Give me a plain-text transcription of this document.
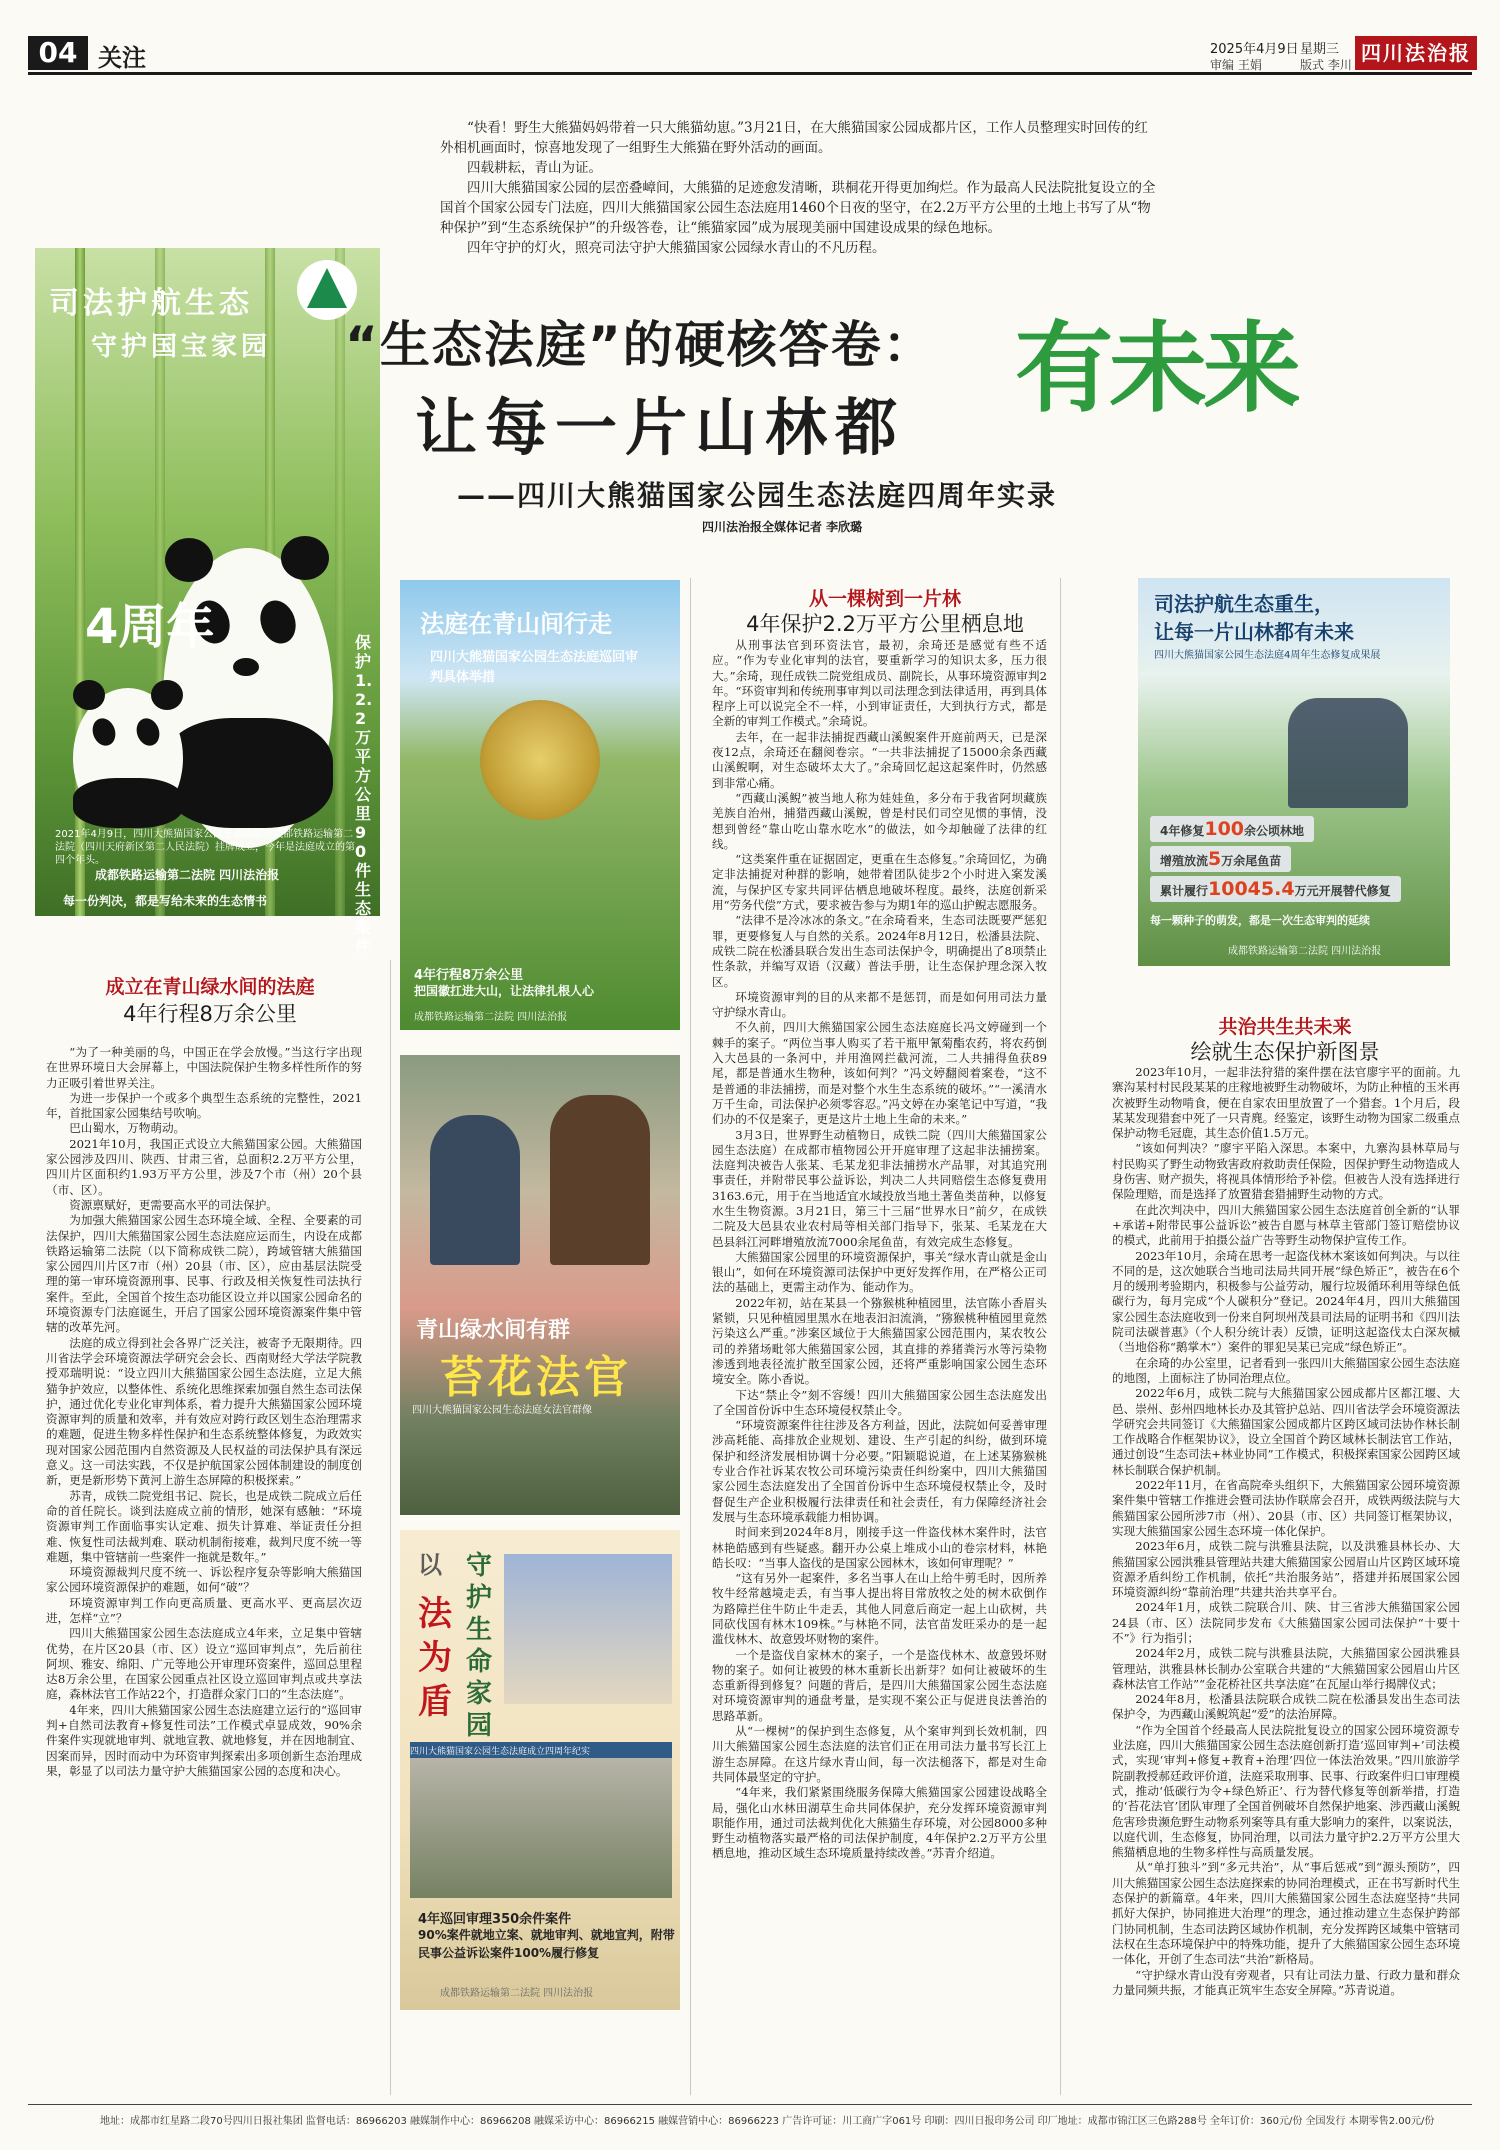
04 关注	2025年4月9日 星期三
审编 王娟	版式 李川 四川法治报

“快看！野生大熊猫妈妈带着一只大熊猫幼崽。”3月21日，在大熊猫国家公园成都片区，工作人员整理实时回传的红外相机画面时，惊喜地发现了一组野生大熊猫在野外活动的画面。

四载耕耘，青山为证。

四川大熊猫国家公园的层峦叠嶂间，大熊猫的足迹愈发清晰，珙桐花开得更加绚烂。作为最高人民法院批复设立的全国首个国家公园专门法庭，四川大熊猫国家公园生态法庭用1460个日夜的坚守，在2.2万平方公里的土地上书写了从“物种保护”到“生态系统保护”的升级答卷，让“熊猫家园”成为展现美丽中国建设成果的绿色地标。

四年守护的灯火，照亮司法守护大熊猫国家公园绿水青山的不凡历程。

司法护航生态
守护国宝家园
4周年	保护1.2.2万平方公里 90件生态案件
2021年4月9日，四川大熊猫国家公园生态法庭在成都铁路运输第二法院（四川天府新区第二人民法院）挂牌成立，今年是法庭成立的第四个年头。
成都铁路运输第二法院 四川法治报
每一份判决，都是写给未来的生态情书
“生态法庭”的硬核答卷：
让每一片山林都
有未来
——四川大熊猫国家公园生态法庭四周年实录
四川法治报全媒体记者 李欣璐
成立在青山绿水间的法庭
4年行程8万余公里

“为了一种美丽的鸟，中国正在学会放慢。”当这行字出现在世界环境日大会屏幕上，中国法院保护生物多样性所作的努力正吸引着世界关注。

为进一步保护一个或多个典型生态系统的完整性，2021年，首批国家公园集结号吹响。

巴山蜀水，万物萌动。

2021年10月，我国正式设立大熊猫国家公园。大熊猫国家公园涉及四川、陕西、甘肃三省，总面积2.2万平方公里，四川片区面积约1.93万平方公里，涉及7个市（州）20个县（市、区）。

资源禀赋好，更需要高水平的司法保护。

为加强大熊猫国家公园生态环境全域、全程、全要素的司法保护，四川大熊猫国家公园生态法庭应运而生，内设在成都铁路运输第二法院（以下简称成铁二院），跨域管辖大熊猫国家公园四川片区7市（州）20县（市、区），应由基层法院受理的第一审环境资源刑事、民事、行政及相关恢复性司法执行案件。至此，全国首个按生态功能区设立并以国家公园命名的环境资源专门法庭诞生，开启了国家公园环境资源案件集中管辖的改革先河。

法庭的成立得到社会各界广泛关注，被寄予无限期待。四川省法学会环境资源法学研究会会长、西南财经大学法学院教授邓瑞明说：“设立四川大熊猫国家公园生态法庭，立足大熊猫争护效应，以整体性、系统化思维探索加强自然生态司法保护，通过优化专业化审判体系，着力提升大熊猫国家公园环境资源审判的质量和效率，并有效应对跨行政区划生态治理需求的难题，促进生物多样性保护和生态系统整体修复，为政效实现对国家公园范围内自然资源及人民权益的司法保护具有深远意义。这一司法实践，不仅是护航国家公园体制建设的制度创新，更是新形势下黄河上游生态屏障的积极探索。”

苏青，成铁二院党组书记、院长，也是成铁二院成立后任命的首任院长。谈到法庭成立前的情形，她深有感触：“环境资源审判工作面临事实认定难、损失计算难、举证责任分担难、恢复性司法裁判难、联动机制衔接难，裁判尺度不统一等难题，集中管辖前一些案件一拖就是数年。”

环境资源裁判尺度不统一、诉讼程序复杂等影响大熊猫国家公园环境资源保护的难题，如何“破”？

环境资源审判工作向更高质量、更高水平、更高层次迈进，怎样“立”？

四川大熊猫国家公园生态法庭成立4年来，立足集中管辖优势，在片区20县（市、区）设立“巡回审判点”，先后前往阿坝、雅安、绵阳、广元等地公开审理环资案件，巡回总里程达8万余公里，在国家公园重点社区设立巡回审判点或共享法庭，森林法官工作站22个，打造群众家门口的“生态法庭”。

4年来，四川大熊猫国家公园生态法庭建立运行的“巡回审判+自然司法教育+修复性司法”工作模式卓显成效，90%余件案件实现就地审判、就地宣教、就地修复，并在因地制宜、因案而异，因时而动中为环资审判探索出多项创新生态治理成果，彰显了以司法力量守护大熊猫国家公园的态度和决心。

法庭在青山间行走
四川大熊猫国家公园生态法庭巡回审判具体举措
4年行程8万余公里
把国徽扛进大山，让法律扎根人心
成都铁路运输第二法院 四川法治报
青山绿水间有群
苔花法官
四川大熊猫国家公园生态法庭女法官群像
以
法为盾
守护生命家园
四川大熊猫国家公园生态法庭成立四周年纪实
4年巡回审理350余件案件
90%案件就地立案、就地审判、就地宣判，附带
民事公益诉讼案件100%履行修复
成都铁路运输第二法院 四川法治报
从一棵树到一片林
4年保护2.2万平方公里栖息地

从刑事法官到环资法官，最初，余琦还是感觉有些不适应。“作为专业化审判的法官，要重新学习的知识太多，压力很大。”余琦，现任成铁二院党组成员、副院长，从事环境资源审判2年。“环资审判和传统刑事审判以司法理念到法律适用，再到具体程序上可以说完全不一样，小到审证责任，大到执行方式，都是全新的审判工作模式。”余琦说。

去年，在一起非法捕捉西藏山溪鲵案件开庭前两天，已是深夜12点，余琦还在翻阅卷宗。“一共非法捕捉了15000余条西藏山溪鲵啊，对生态破坏太大了。”余琦回忆起这起案件时，仍然感到非常心痛。

“西藏山溪鲵”被当地人称为娃娃鱼，多分布于我省阿坝藏族羌族自治州，捕猎西藏山溪鲵，曾是村民们司空见惯的事情，没想到曾经“靠山吃山靠水吃水”的做法，如今却触碰了法律的红线。

“这类案件重在证据固定，更重在生态修复。”余琦回忆，为确定非法捕捉对种群的影响，她带着团队徒步2个小时进入案发溪流，与保护区专家共同评估栖息地破坏程度。最终，法庭创新采用“劳务代偿”方式，要求被告参与为期1年的巡山护鲵志愿服务。

“法律不是冷冰冰的条文。”在余琦看来，生态司法既要严惩犯罪，更要修复人与自然的关系。2024年8月12日，松潘县法院、成铁二院在松潘县联合发出生态司法保护令，明确提出了8项禁止性条款，并编写双语（汉藏）普法手册，让生态保护理念深入牧区。

环境资源审判的目的从来都不是惩罚，而是如何用司法力量守护绿水青山。

不久前，四川大熊猫国家公园生态法庭庭长冯文婷碰到一个棘手的案子。“两位当事人购买了若干瓶甲氰菊酯农药，将农药倒入大邑县的一条河中，并用渔网拦截河流，二人共捕得鱼获89尾，都是普通水生物种，该如何判？”冯文婷翻阅着案卷，“这不是普通的非法捕捞，而是对整个水生生态系统的破坏。”“一溪清水万千生命，司法保护必须零容忍。”冯文婷在办案笔记中写道，“我们办的不仅是案子，更是这片土地上生命的未来。”

3月3日，世界野生动植物日，成铁二院（四川大熊猫国家公园生态法庭）在成都市植物园公开开庭审理了这起非法捕捞案。法庭判决被告人张某、毛某龙犯非法捕捞水产品罪，对其追究刑事责任，并附带民事公益诉讼，判决二人共同赔偿生态修复费用3163.6元，用于在当地适宜水域投放当地土著鱼类苗种，以修复水生生物资源。3月21日，第三十三届“世界水日”前夕，在成铁二院及大邑县农业农村局等相关部门指导下，张某、毛某龙在大邑县斜江河畔增殖放流7000余尾鱼苗，有效完成生态修复。

大熊猫国家公园里的环境资源保护，事关“绿水青山就是金山银山”，如何在环境资源司法保护中更好发挥作用，在严格公正司法的基础上，更需主动作为、能动作为。

2022年初，站在某县一个猕猴桃种植园里，法官陈小香眉头紧锁，只见种植园里黑水在地表汩汩流淌，“猕猴桃种植园里竟然污染这么严重。”涉案区域位于大熊猫国家公园范围内，某农牧公司的养猪场毗邻大熊猫国家公园，其直排的养猪粪污水等污染物渗透到地表径流扩散至国家公园，还将严重影响国家公园生态环境安全。陈小香说。

下达“禁止令”刻不容缓！四川大熊猫国家公园生态法庭发出了全国首份诉中生态环境侵权禁止令。

“环境资源案件往往涉及各方利益，因此，法院如何妥善审理涉高耗能、高排放企业规划、建设、生产引起的纠纷，做到环境保护和经济发展相协调十分必要。”阳颖聪说道，在上述某猕猴桃专业合作社诉某农牧公司环境污染责任纠纷案中，四川大熊猫国家公园生态法庭发出了全国首份诉中生态环境侵权禁止令，及时督促生产企业积极履行法律责任和社会责任，有力保障经济社会发展与生态环境承载能力相协调。

时间来到2024年8月，刚接手这一件盗伐林木案件时，法官林艳皓感到有些疑惑。翻开办公桌上堆成小山的卷宗材料，林艳皓长叹：“当事人盗伐的是国家公园林木，该如何审理呢？”

“这有另外一起案件，多名当事人在山上给牛剪毛时，因所养牧牛经常越境走丢，有当事人提出将目常放牧之处的树木砍倒作为路障拦住牛防止牛走丢，其他人同意后商定一起上山砍树，共同砍伐国有林木109株。”与林艳不同，法官苗发旺采办的是一起滥伐林木、故意毁坏财物的案件。

一个是盗伐自家林木的案子，一个是盗伐林木、故意毁坏财物的案子。如何让被毁的林木重新长出新芽？如何让被破坏的生态重新得到修复？问题的背后，是四川大熊猫国家公园生态法庭对环境资源审判的通盘考量，是实现不案公正与促进良法善治的思路革新。

从“一棵树”的保护到生态修复，从个案审判到长效机制，四川大熊猫国家公园生态法庭的法官们正在用司法力量书写长江上游生态屏障。在这片绿水青山间，每一次法槌落下，都是对生命共同体最坚定的守护。

“4年来，我们紧紧围绕服务保障大熊猫国家公园建设战略全局，强化山水林田湖草生命共同体保护，充分发挥环境资源审判职能作用，通过司法裁判优化大熊猫生存环境，对公园8000多种野生动植物落实最严格的司法保护制度，4年保护2.2万平方公里栖息地，推动区域生态环境质量持续改善。”苏青介绍道。

司法护航生态重生，
让每一片山林都有未来
四川大熊猫国家公园生态法庭4周年生态修复成果展
4年修复100余公顷林地
增殖放流5万余尾鱼苗
累计履行10045.4万元开展替代修复
每一颗种子的萌发，都是一次生态审判的延续
成都铁路运输第二法院 四川法治报
共治共生共未来
绘就生态保护新图景

2023年10月，一起非法狩猎的案件摆在法官廖宇平的面前。九寨沟某村村民段某某的庄稼地被野生动物破坏，为防止种植的玉米再次被野生动物啃食，便在自家农田里放置了一个猎套。1个月后，段某某发现猎套中死了一只青麂。经鉴定，该野生动物为国家二级重点保护动物毛冠鹿，其生态价值1.5万元。

“该如何判决？”廖宇平陷入深思。本案中，九寨沟县林草局与村民购买了野生动物致害政府救助责任保险，因保护野生动物造成人身伤害、财产损失，将视具体情形给予补偿。但被告人没有选择进行保险理赔，而是选择了放置猎套猎捕野生动物的方式。

在此次判决中，四川大熊猫国家公园生态法庭首创全新的“认罪+承诺+附带民事公益诉讼”被告自愿与林草主管部门签订赔偿协议的模式，此前用于拍摄公益广告等野生动物保护宣传工作。

2023年10月，余琦在思考一起盗伐林木案该如何判决。与以往不同的是，这次她联合当地司法局共同开展“绿色矫正”，被告在6个月的缓刑考验期内，积极参与公益劳动，履行垃圾循环利用等绿色低碳行为，每月完成“个人碳积分”登记。2024年4月，四川大熊猫国家公园生态法庭收到一份来自阿坝州茂县司法局的证明书和《四川法院司法碳普惠》（个人积分统计表）反馈，证明这起盗伐太白深灰槭（当地俗称“鹅掌木”）案件的罪犯吴某已完成“绿色矫正”。

在余琦的办公室里，记者看到一张四川大熊猫国家公园生态法庭的地图，上面标注了协同治理点位。

2022年6月，成铁二院与大熊猫国家公园成都片区都江堰、大邑、崇州、彭州四地林长办及其管护总站、四川省法学会环境资源法学研究会共同签订《大熊猫国家公园成都片区跨区域司法协作林长制工作战略合作框架协议》，设立全国首个跨区域林长制法官工作站，通过创设“生态司法+林业协同”工作模式，积极探索国家公园跨区域林长制联合保护机制。

2022年11月，在省高院牵头组织下，大熊猫国家公园环境资源案件集中管辖工作推进会暨司法协作联席会召开，成铁两级法院与大熊猫国家公园所涉7市（州）、20县（市、区）共同签订框架协议，实现大熊猫国家公园生态环境一体化保护。

2023年6月，成铁二院与洪雅县法院，以及洪雅县林长办、大熊猫国家公园洪雅县管理站共建大熊猫国家公园眉山片区跨区域环境资源矛盾纠纷工作机制，依托“共治服务站”，搭建并拓展国家公园环境资源纠纷“靠前治理”共建共治共享平台。

2024年1月，成铁二院联合川、陕、甘三省涉大熊猫国家公园24县（市、区）法院同步发布《大熊猫国家公园司法保护“十要十不”》行为指引；

2024年2月，成铁二院与洪雅县法院，大熊猫国家公园洪雅县管理站，洪雅县林长制办公室联合共建的“大熊猫国家公园眉山片区森林法官工作站”“金花桥社区共享法庭”在瓦屋山举行揭牌仪式；

2024年8月，松潘县法院联合成铁二院在松潘县发出生态司法保护令，为西藏山溪鲵筑起“爱”的法治屏障。

“作为全国首个经最高人民法院批复设立的国家公园环境资源专业法庭，四川大熊猫国家公园生态法庭创新打造‘巡回审判+’司法模式，实现‘审判+修复+教育+治理’四位一体法治效果。”四川旅游学院副教授郝廷政评价道，法庭采取刑事、民事、行政案件归口审理模式，推动‘低碳行为令+绿色矫正’、行为替代修复等创新举措，打造的‘苔花法官’团队审理了全国首例破坏自然保护地案、涉西藏山溪鲵危害珍贵濒危野生动物系列案等具有重大影响力的案件，以案说法，以庭代训，生态修复，协同治理，以司法力量守护2.2万平方公里大熊猫栖息地的生物多样性与高质量发展。

从“单打独斗”到“多元共治”，从“事后惩戒”到“源头预防”，四川大熊猫国家公园生态法庭探索的协同治理模式，正在书写新时代生态保护的新篇章。4年来，四川大熊猫国家公园生态法庭坚持“共同抓好大保护，协同推进大治理”的理念，通过推动建立生态保护跨部门协同机制，生态司法跨区域协作机制，充分发挥跨区域集中管辖司法权在生态环境保护中的特殊功能，提升了大熊猫国家公园生态环境一体化，开创了生态司法“共治”新格局。

“守护绿水青山没有旁观者，只有让司法力量、行政力量和群众力量同频共振，才能真正筑牢生态安全屏障。”苏青说道。

地址：成都市红星路二段70号四川日报社集团 监督电话：86966203 融媒制作中心：86966208 融媒采访中心：86966215 融媒营销中心：86966223 广告许可证：川工商广字061号 印刷：四川日报印务公司 印厂地址：成都市锦江区三色路288号 全年订价：360元/份 全国发行 本期零售2.00元/份
